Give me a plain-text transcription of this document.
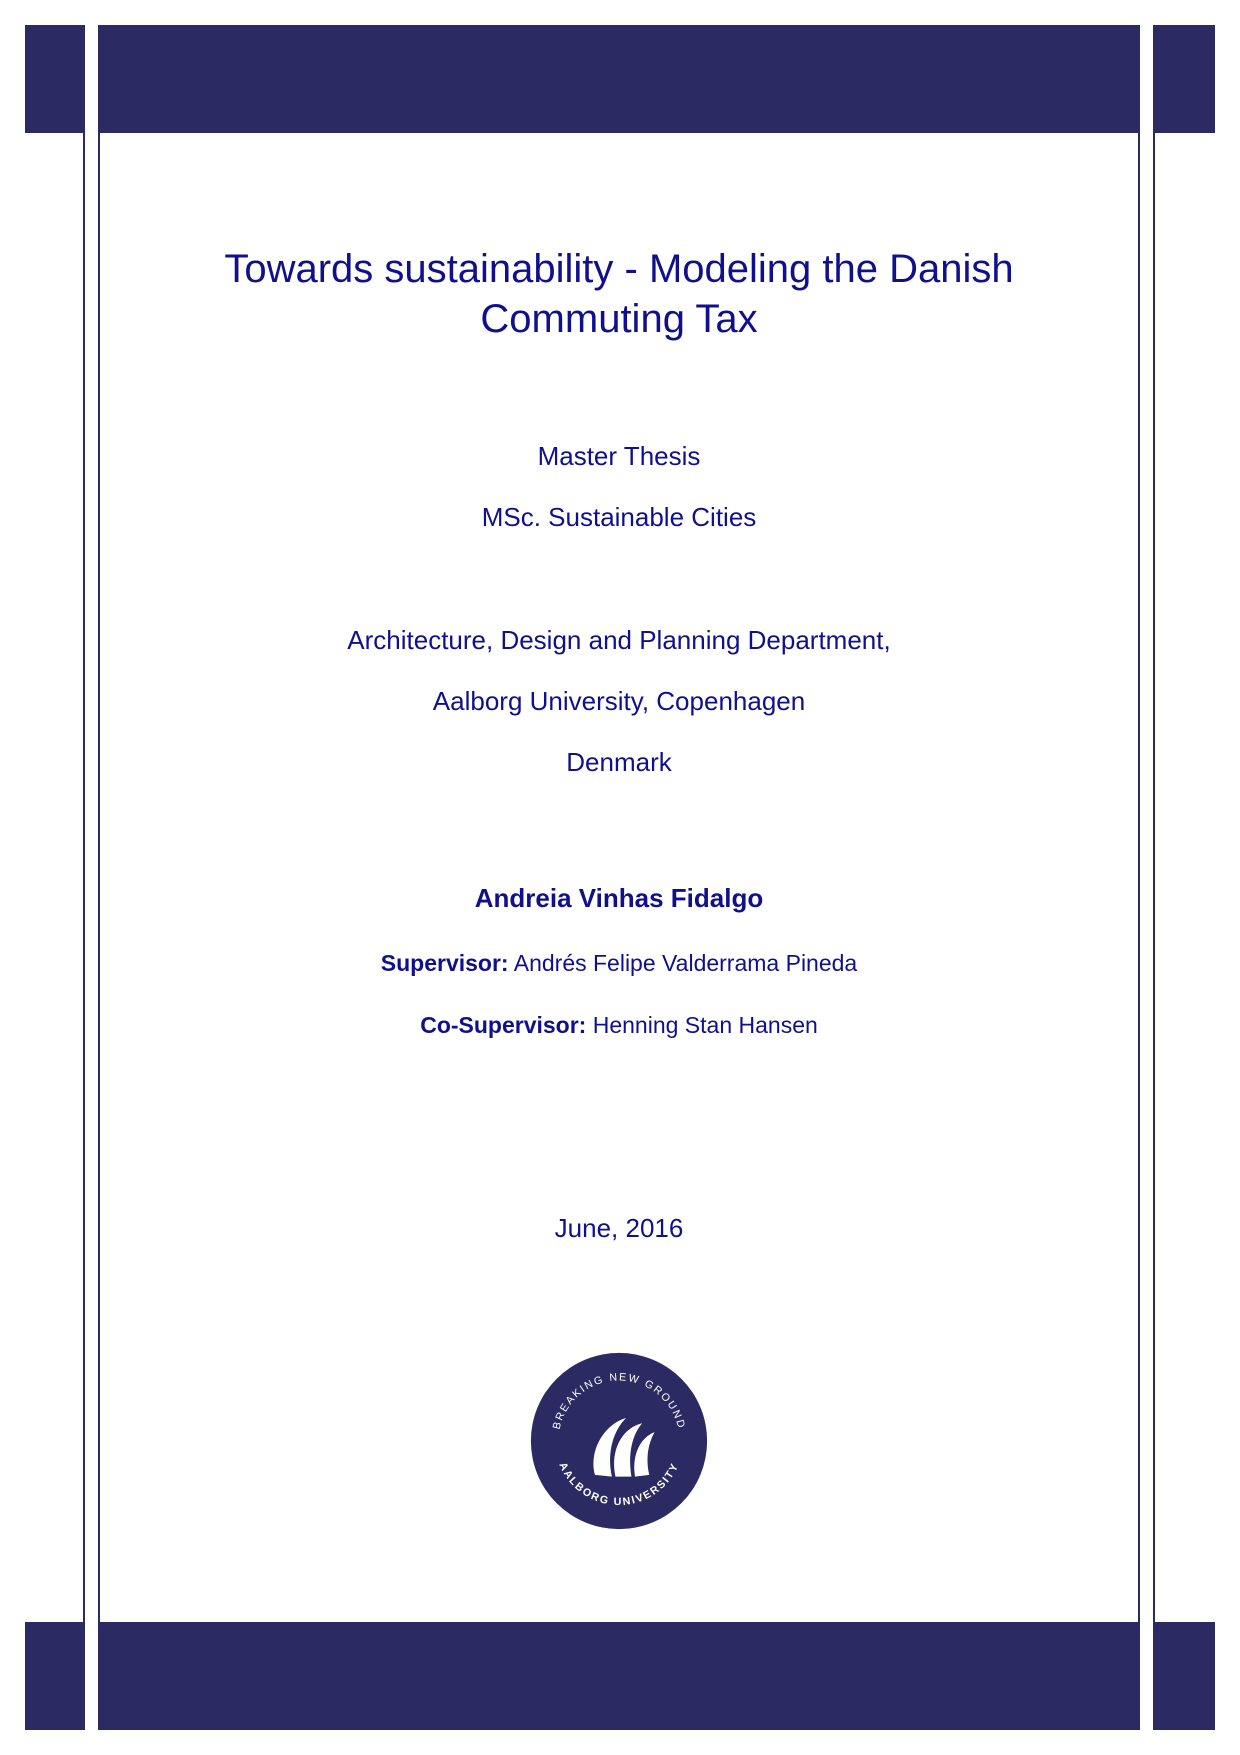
Towards sustainability - Modeling the Danish
Commuting Tax

Master Thesis

MSc. Sustainable Cities

Architecture, Design and Planning Department,

Aalborg University, Copenhagen

Denmark

Andreia Vinhas Fidalgo

Supervisor: Andrés Felipe Valderrama Pineda

Co-Supervisor: Henning Stan Hansen

June, 2016

BREAKING NEW GROUND
AALBORG UNIVERSITY
